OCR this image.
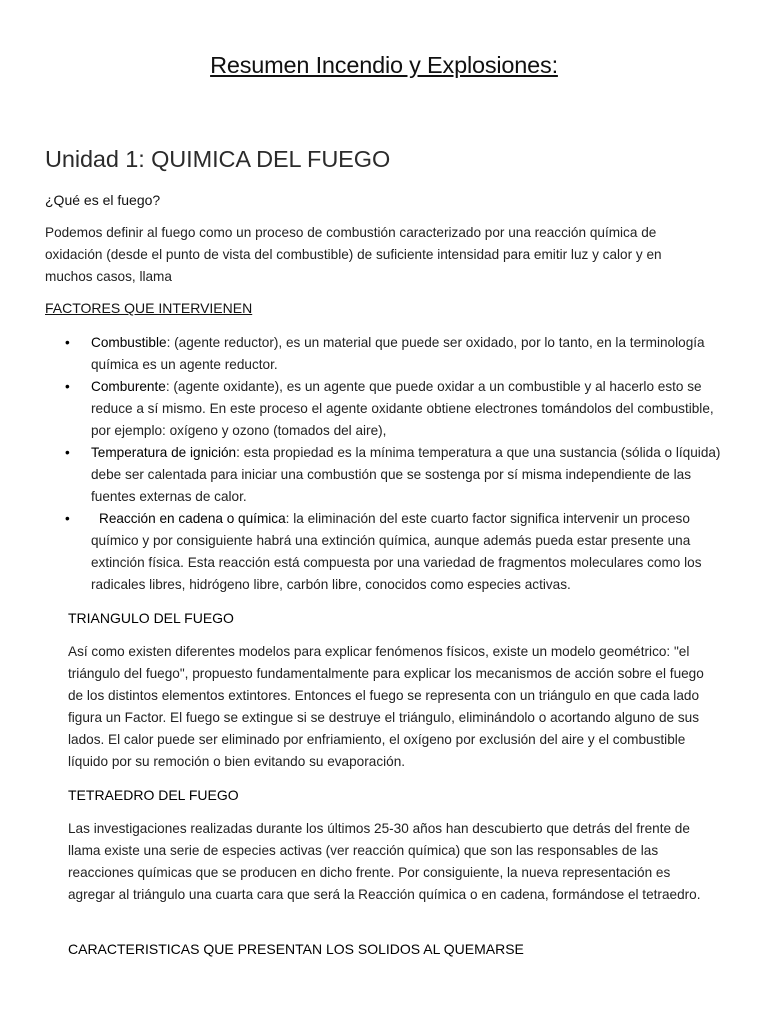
Resumen Incendio y Explosiones:
Unidad 1: QUIMICA DEL FUEGO
¿Qué es el fuego?
Podemos definir al fuego como un proceso de combustión caracterizado por una reacción química de oxidación (desde el punto de vista del combustible) de suficiente intensidad para emitir luz y calor y en muchos casos, llama
FACTORES QUE INTERVIENEN
• Combustible: (agente reductor), es un material que puede ser oxidado, por lo tanto, en la terminología química es un agente reductor.
• Comburente: (agente oxidante), es un agente que puede oxidar a un combustible y al hacerlo esto se reduce a sí mismo. En este proceso el agente oxidante obtiene electrones tomándolos del combustible, por ejemplo: oxígeno y ozono (tomados del aire),
• Temperatura de ignición: esta propiedad es la mínima temperatura a que una sustancia (sólida o líquida) debe ser calentada para iniciar una combustión que se sostenga por sí misma independiente de las fuentes externas de calor.
• Reacción en cadena o química: la eliminación del este cuarto factor significa intervenir un proceso químico y por consiguiente habrá una extinción química, aunque además pueda estar presente una extinción física. Esta reacción está compuesta por una variedad de fragmentos moleculares como los radicales libres, hidrógeno libre, carbón libre, conocidos como especies activas.
TRIANGULO DEL FUEGO
Así como existen diferentes modelos para explicar fenómenos físicos, existe un modelo geométrico: "el triángulo del fuego", propuesto fundamentalmente para explicar los mecanismos de acción sobre el fuego de los distintos elementos extintores. Entonces el fuego se representa con un triángulo en que cada lado figura un Factor. El fuego se extingue si se destruye el triángulo, eliminándolo o acortando alguno de sus lados. El calor puede ser eliminado por enfriamiento, el oxígeno por exclusión del aire y el combustible líquido por su remoción o bien evitando su evaporación.
TETRAEDRO DEL FUEGO
Las investigaciones realizadas durante los últimos 25-30 años han descubierto que detrás del frente de llama existe una serie de especies activas (ver reacción química) que son las responsables de las reacciones químicas que se producen en dicho frente. Por consiguiente, la nueva representación es agregar al triángulo una cuarta cara que será la Reacción química o en cadena, formándose el tetraedro.
CARACTERISTICAS QUE PRESENTAN LOS SOLIDOS AL QUEMARSE
